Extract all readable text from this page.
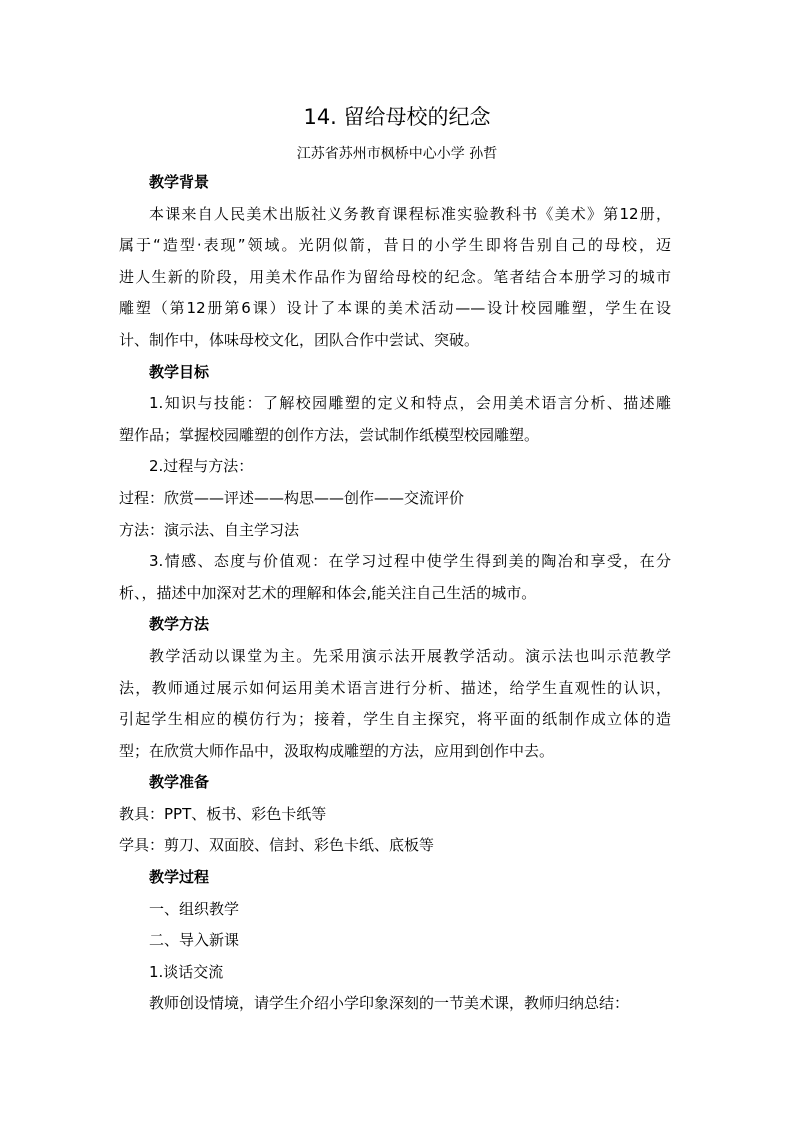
14. 留给母校的纪念
江苏省苏州市枫桥中心小学 孙哲
教学背景
本课来自人民美术出版社义务教育课程标准实验教科书《美术》第12册，
属于“造型·表现”领域。光阴似箭，昔日的小学生即将告别自己的母校，迈
进人生新的阶段，用美术作品作为留给母校的纪念。笔者结合本册学习的城市
雕塑（第12册第6课）设计了本课的美术活动——设计校园雕塑，学生在设
计、制作中，体味母校文化，团队合作中尝试、突破。
教学目标
1.知识与技能：了解校园雕塑的定义和特点，会用美术语言分析、描述雕
塑作品；掌握校园雕塑的创作方法，尝试制作纸模型校园雕塑。
2.过程与方法：
过程：欣赏——评述——构思——创作——交流评价
方法：演示法、自主学习法
3.情感、态度与价值观：在学习过程中使学生得到美的陶冶和享受，在分
析、，描述中加深对艺术的理解和体会,能关注自己生活的城市。
教学方法
教学活动以课堂为主。先采用演示法开展教学活动。演示法也叫示范教学
法，教师通过展示如何运用美术语言进行分析、描述，给学生直观性的认识，
引起学生相应的模仿行为；接着，学生自主探究，将平面的纸制作成立体的造
型；在欣赏大师作品中，汲取构成雕塑的方法，应用到创作中去。
教学准备
教具：PPT、板书、彩色卡纸等
学具：剪刀、双面胶、信封、彩色卡纸、底板等
教学过程
一、组织教学
二、导入新课
1.谈话交流
教师创设情境，请学生介绍小学印象深刻的一节美术课，教师归纳总结：
